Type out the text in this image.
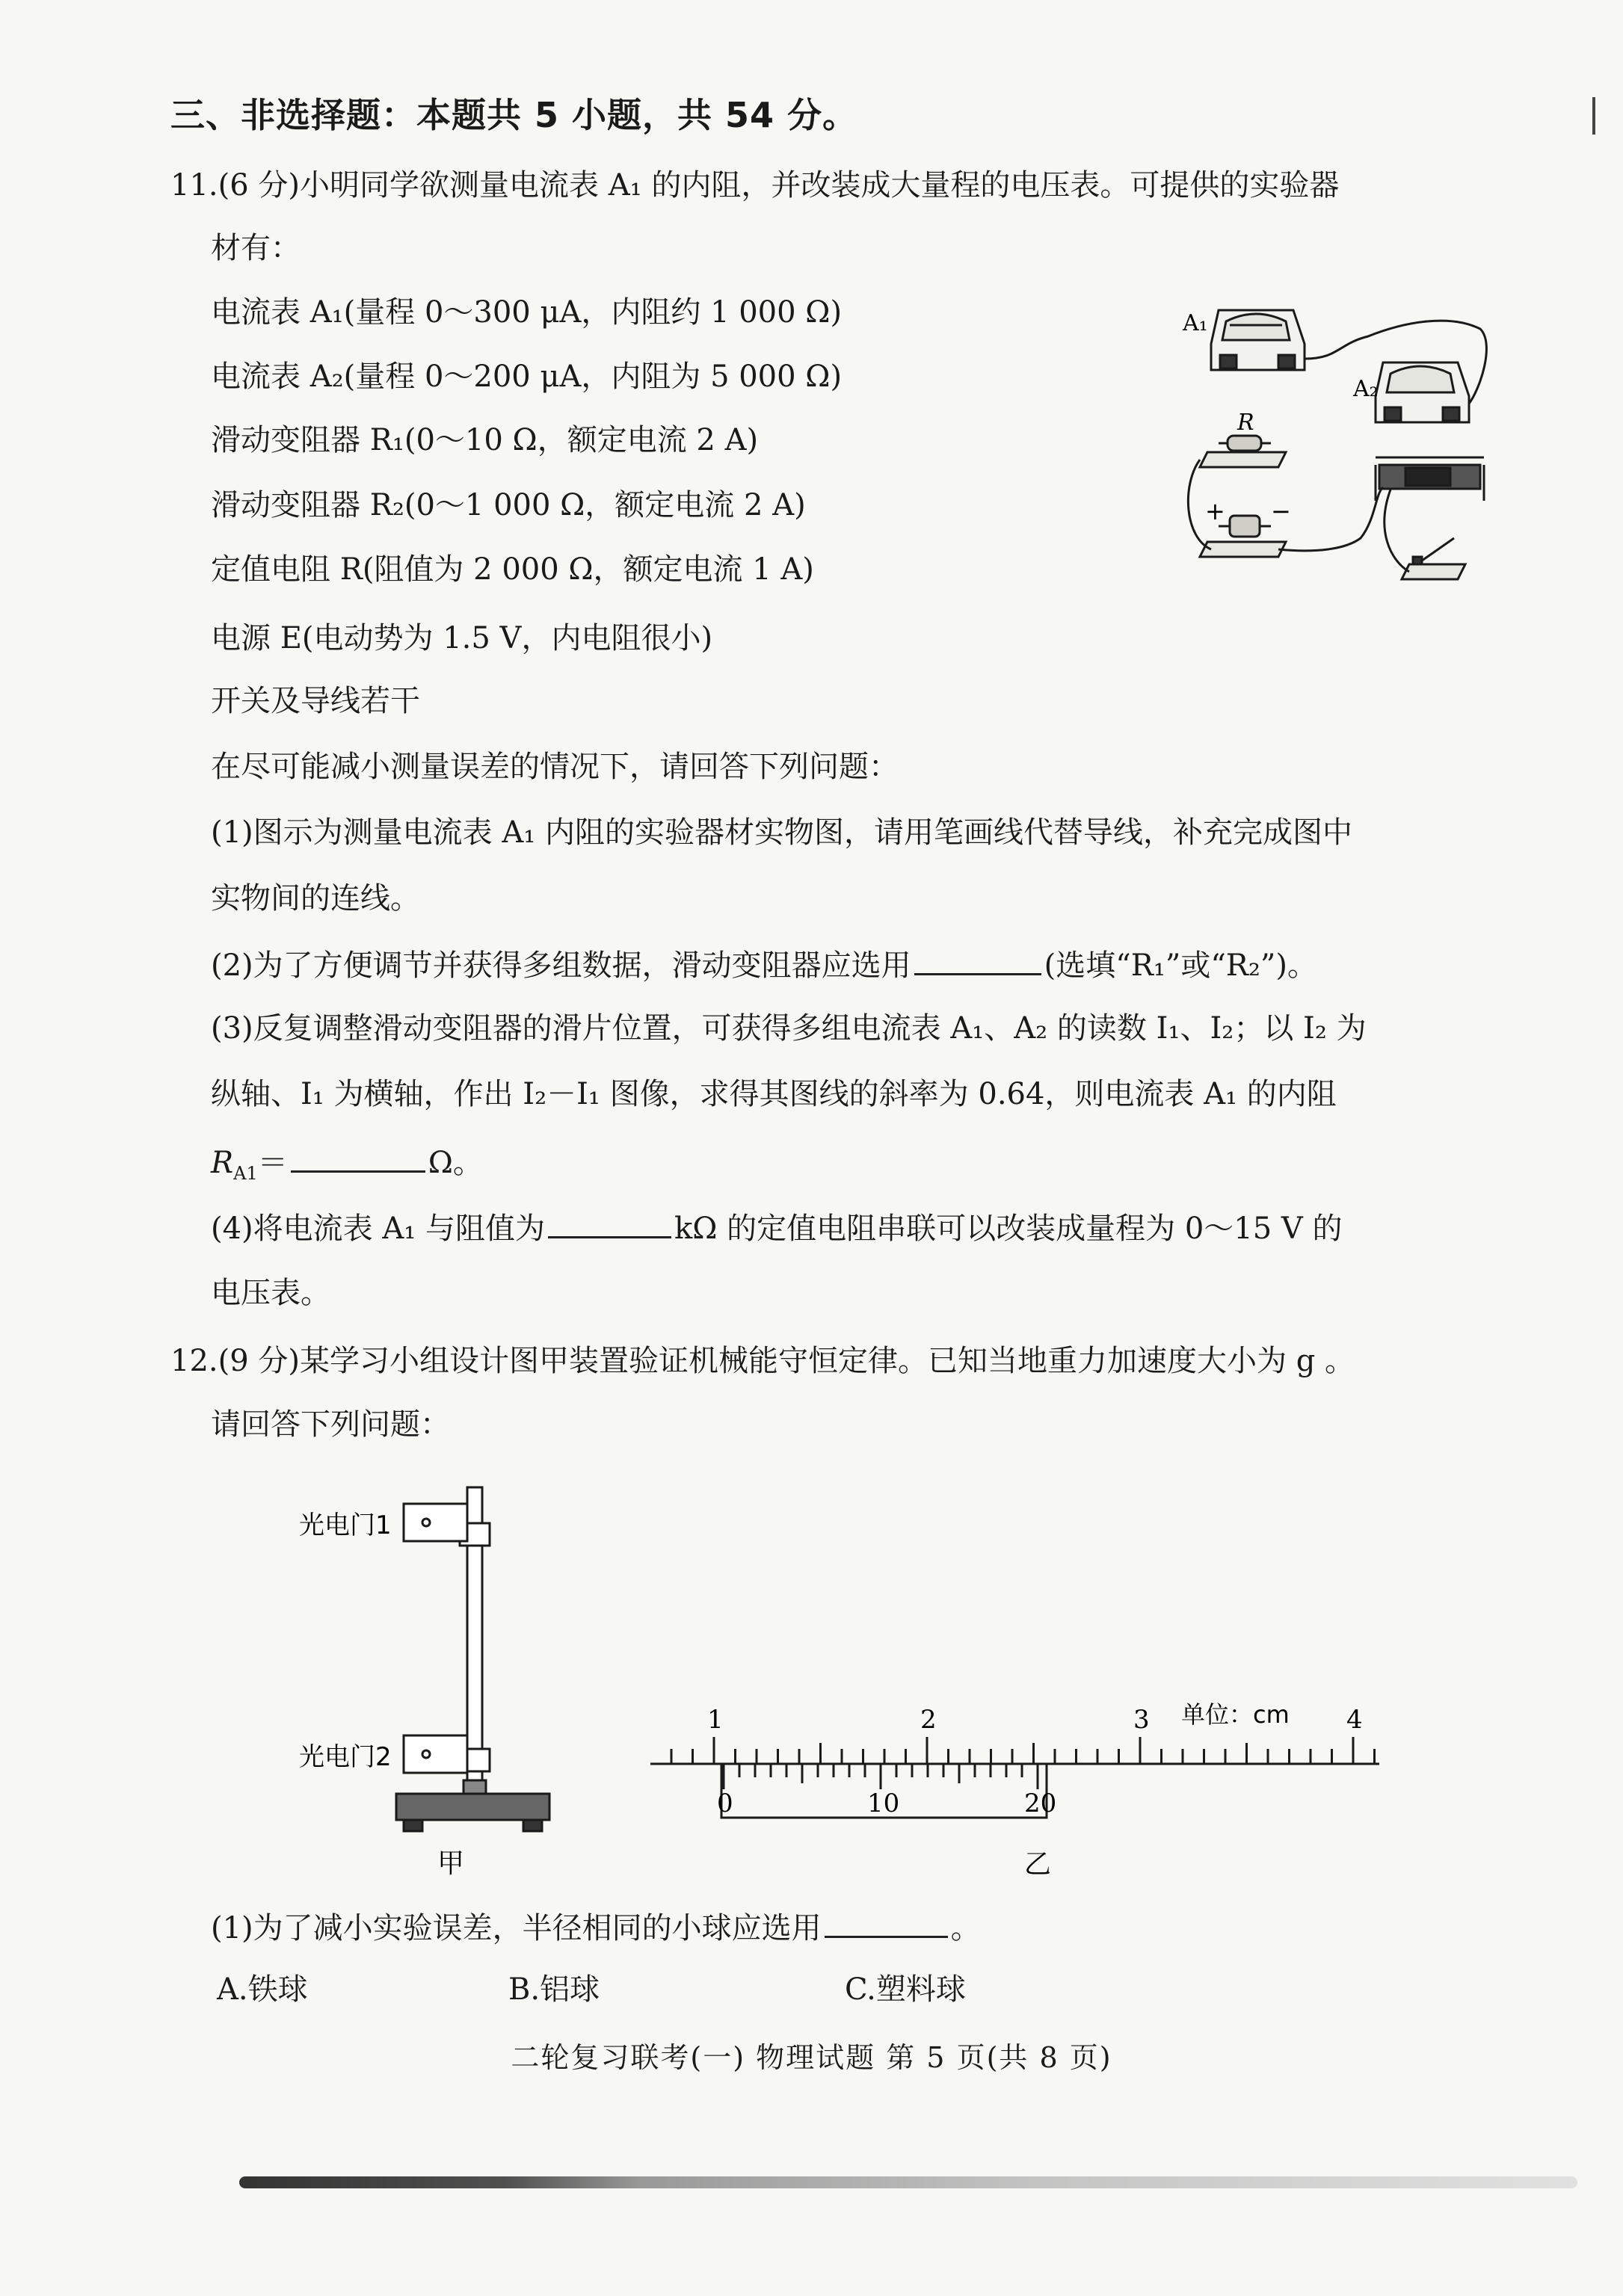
三、非选择题：本题共 5 小题，共 54 分。
11.(6 分)小明同学欲测量电流表 A₁ 的内阻，并改装成大量程的电压表。可提供的实验器
材有：
电流表 A₁(量程 0～300 μA，内阻约 1 000 Ω)
电流表 A₂(量程 0～200 μA，内阻为 5 000 Ω)
滑动变阻器 R₁(0～10 Ω，额定电流 2 A)
滑动变阻器 R₂(0～1 000 Ω，额定电流 2 A)
定值电阻 R(阻值为 2 000 Ω，额定电流 1 A)
电源 E(电动势为 1.5 V，内电阻很小)
开关及导线若干
在尽可能减小测量误差的情况下，请回答下列问题：
(1)图示为测量电流表 A₁ 内阻的实验器材实物图，请用笔画线代替导线，补充完成图中
实物间的连线。
(2)为了方便调节并获得多组数据，滑动变阻器应选用	(选填“R₁”或“R₂”)。
(3)反复调整滑动变阻器的滑片位置，可获得多组电流表 A₁、A₂ 的读数 I₁、I₂；以 I₂ 为
纵轴、I₁ 为横轴，作出 I₂－I₁ 图像，求得其图线的斜率为 0.64，则电流表 A₁ 的内阻
$R_{A1}=$	Ω。
(4)将电流表 A₁ 与阻值为	kΩ 的定值电阻串联可以改装成量程为 0～15 V 的
电压表。
A₁
A₂
R
+ −
12.(9 分)某学习小组设计图甲装置验证机械能守恒定律。已知当地重力加速度大小为 g 。
请回答下列问题：
光电门1
光电门2
甲
1	2	3	4
0	10	20
单位：cm
乙
(1)为了减小实验误差，半径相同的小球应选用	。
A.铁球	B.铝球	C.塑料球
二轮复习联考(一) 物理试题 第 5 页(共 8 页)
